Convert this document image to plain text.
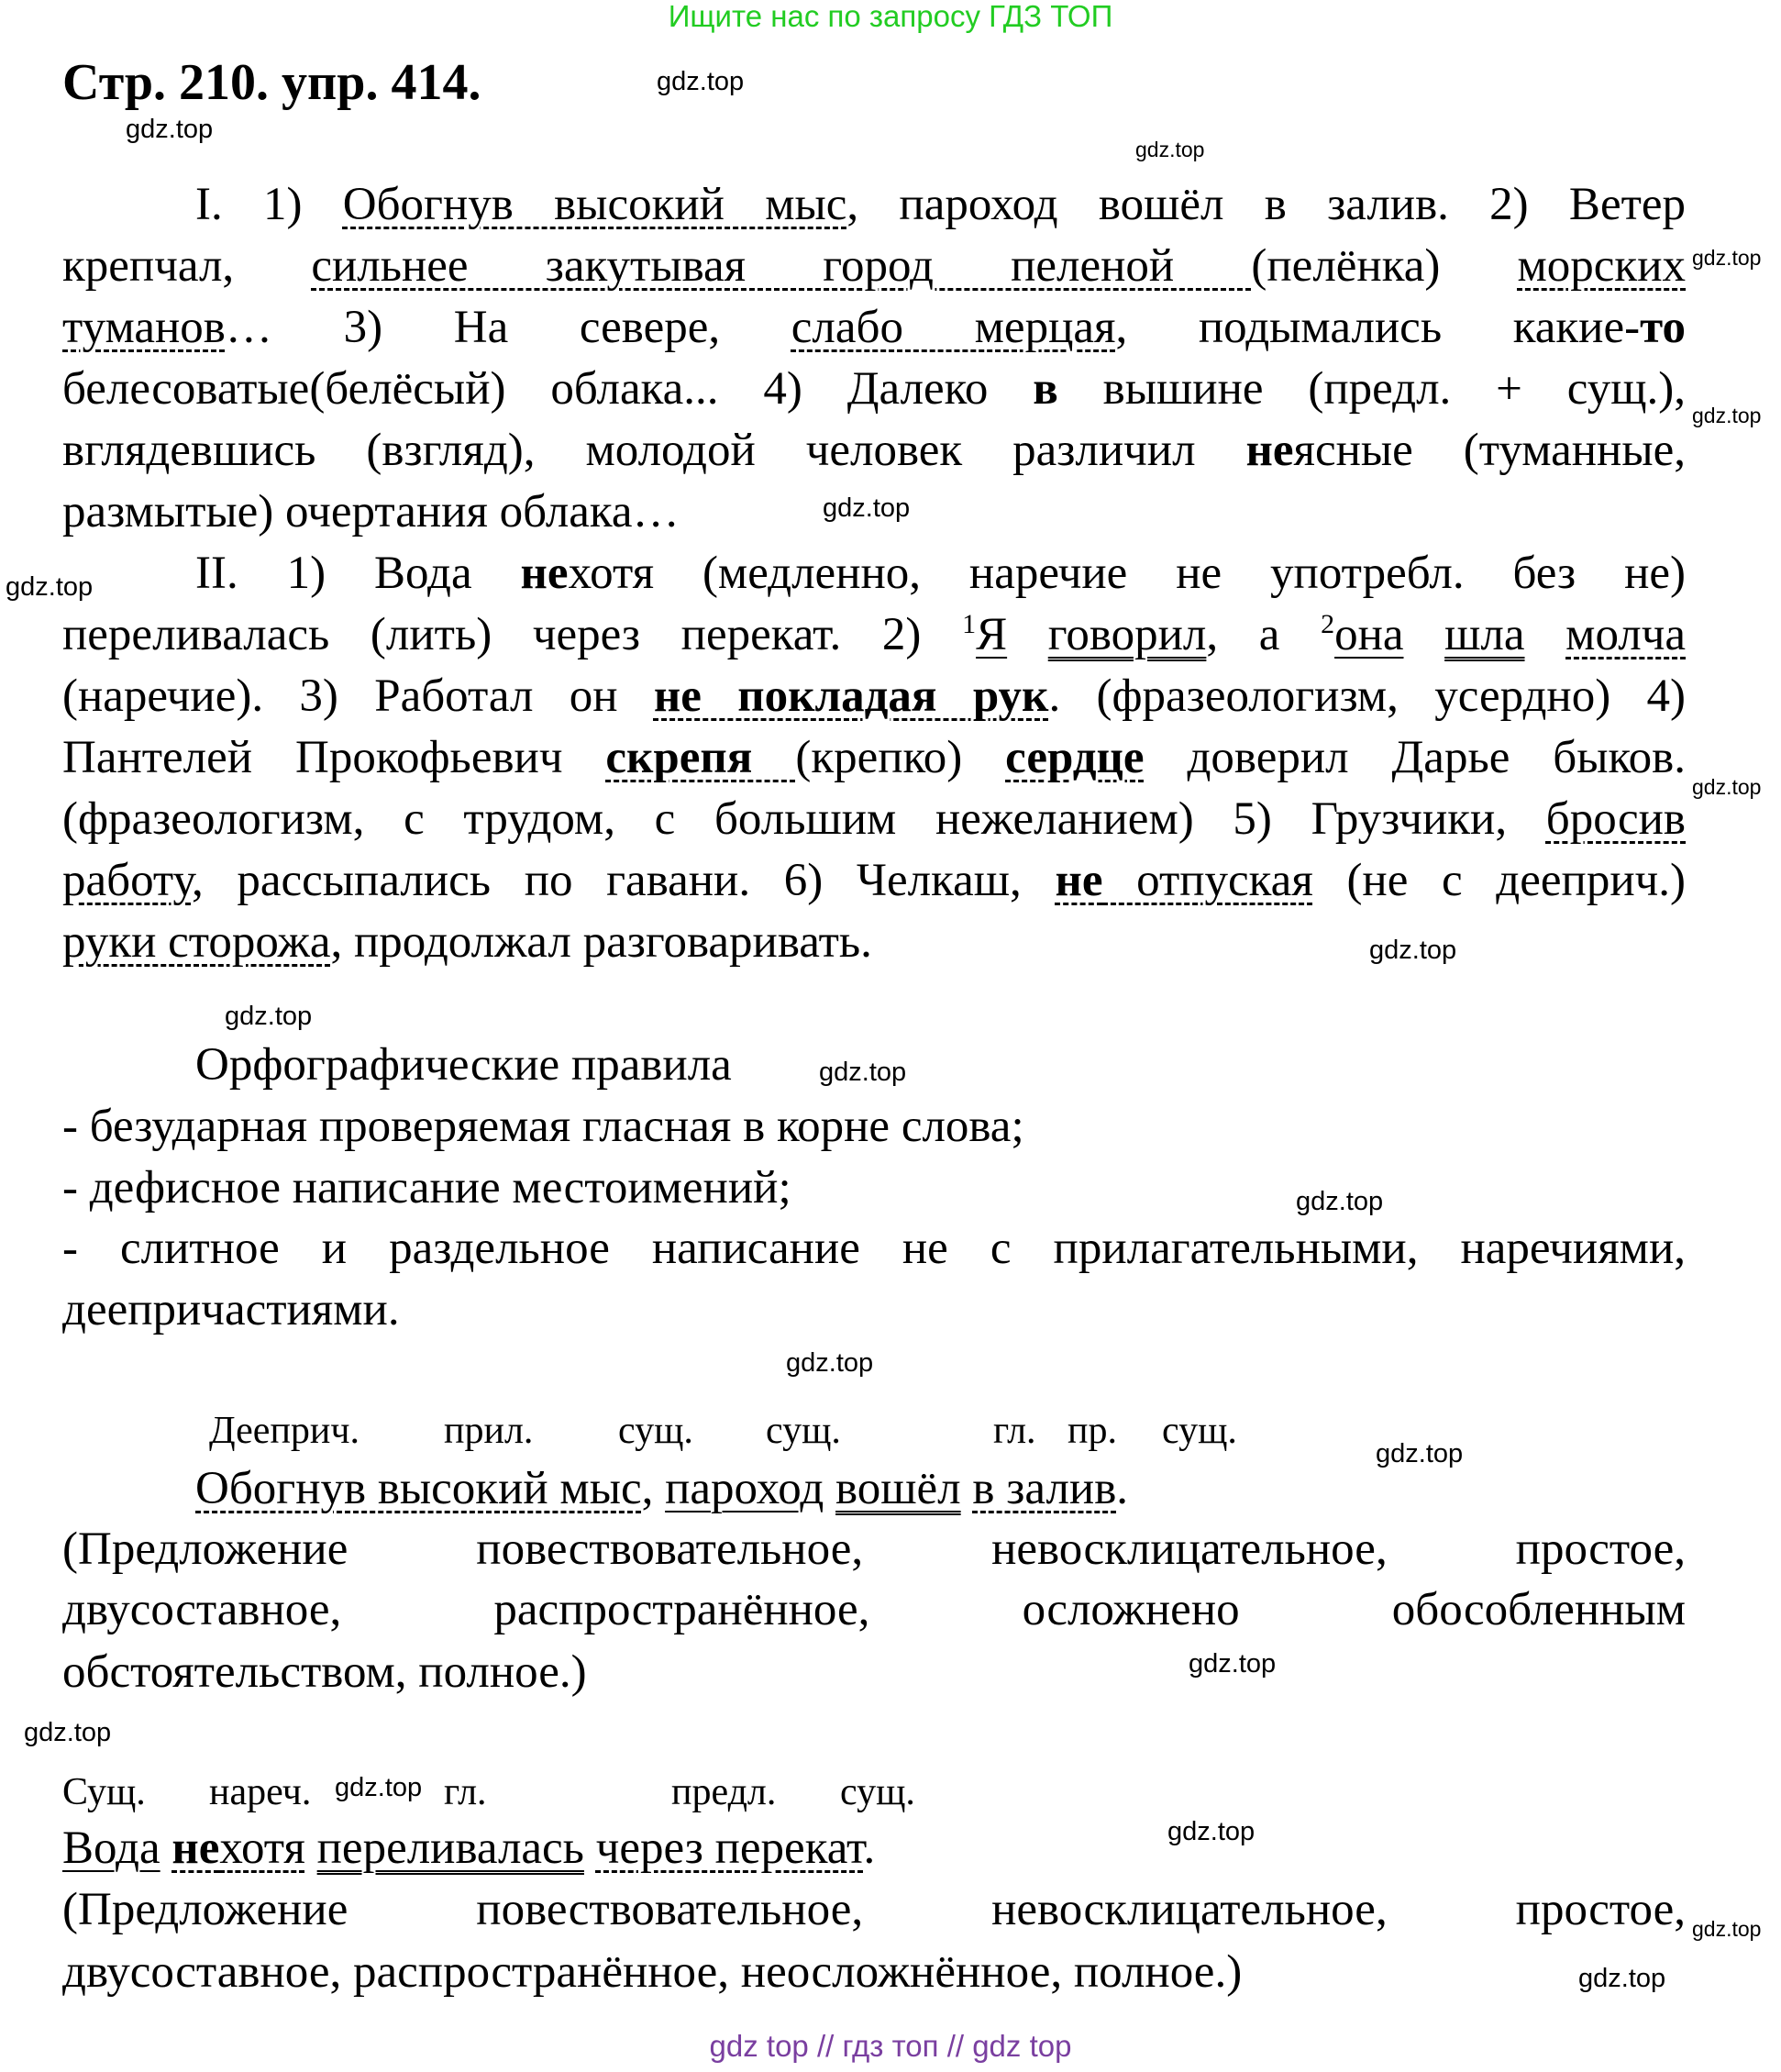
Ищите нас по запросу ГДЗ ТОП
Стр. 210. упр. 414.
I. 1) Обогнув высокий мыс, пароход вошёл в залив. 2) Ветер
крепчал, сильнее закутывая город пеленой (пелёнка) морских
туманов… 3) На севере, слабо мерцая, подымались какие-то
белесоватые(белёсый) облака... 4) Далеко в вышине (предл. + сущ.),
вглядевшись (взгляд), молодой человек различил неясные (туманные,
размытые) очертания облака…
II. 1) Вода нехотя (медленно, наречие не употребл. без не)
переливалась (лить) через перекат. 2) $^1$Я говорил, а $^2$она шла молча
(наречие). 3) Работал он не покладая рук. (фразеологизм, усердно) 4)
Пантелей Прокофьевич скрепя (крепко) сердце доверил Дарье быков.
(фразеологизм, с трудом, с большим нежеланием) 5) Грузчики, бросив
работу, рассыпались по гавани. 6) Челкаш, не отпуская (не с дееприч.)
руки сторожа, продолжал разговаривать.
Орфографические правила
- безударная проверяемая гласная в корне слова;
- дефисное написание местоимений;
- слитное и раздельное написание не с прилагательными, наречиями,
деепричастиями.
Обогнув высокий мыс, пароход вошёл в залив.
(Предложение повествовательное, невосклицательное, простое,
двусоставное, распространённое, осложнено обособленным
обстоятельством, полное.)
Вода нехотя переливалась через перекат.
(Предложение повествовательное, невосклицательное, простое,
двусоставное, распространённое, неосложнённое, полное.)
Дееприч. прил. сущ. сущ.	гл. пр. сущ.
Сущ. нареч.	гл.	предл. сущ.
gdz.top
gdz.top
gdz.top
gdz.top
gdz.top
gdz.top
gdz.top
gdz.top
gdz.top
gdz.top
gdz.top
gdz.top
gdz.top
gdz.top
gdz.top
gdz.top
gdz.top
gdz.top
gdz.top
gdz.top
gdz top // гдз топ // gdz top
